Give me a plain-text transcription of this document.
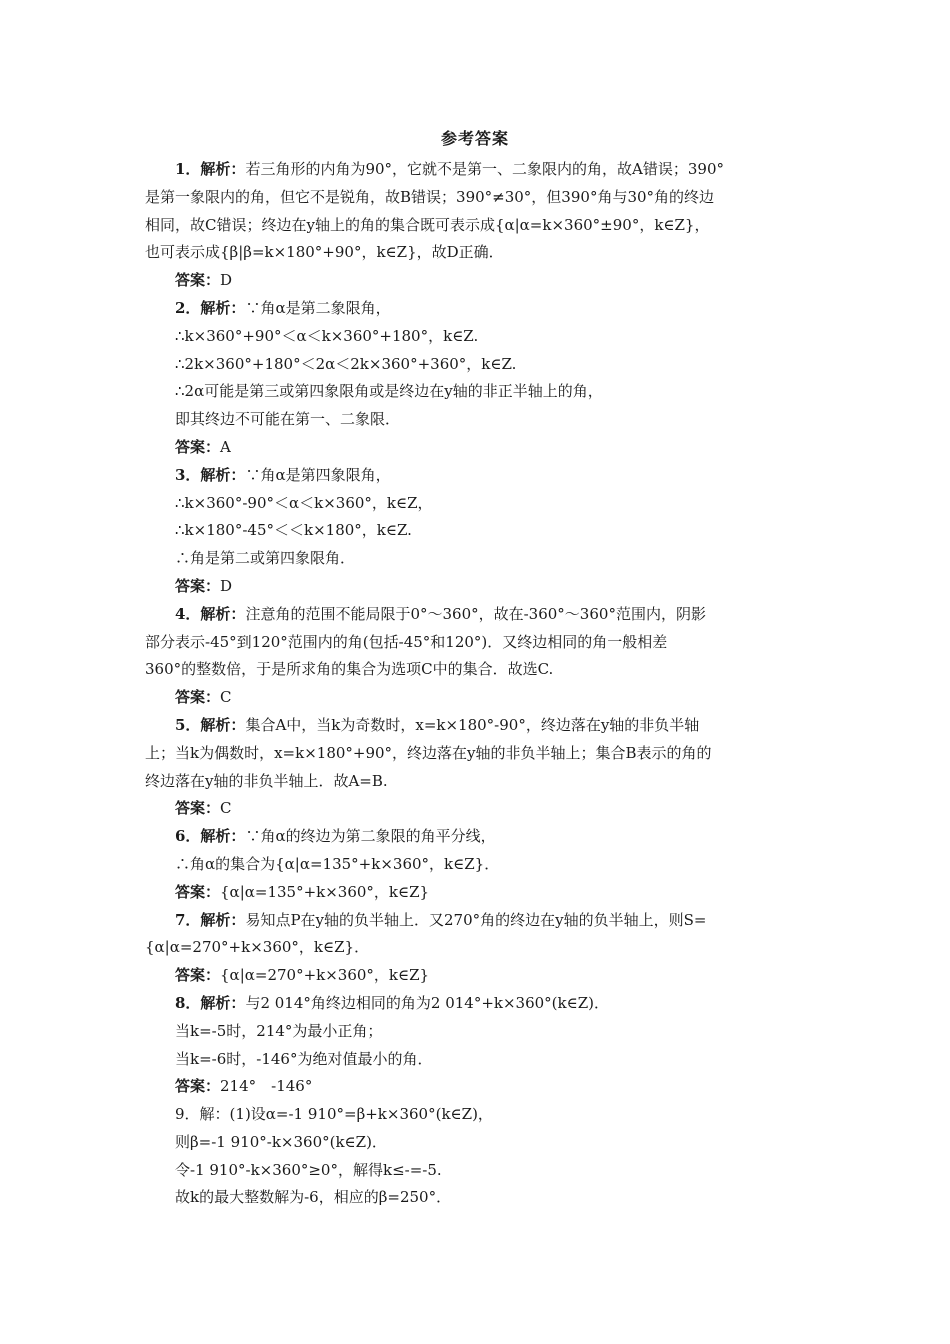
参考答案
1．解析：若三角形的内角为90°，它就不是第一、二象限内的角，故A错误；390°
是第一象限内的角，但它不是锐角，故B错误；390°≠30°，但390°角与30°角的终边
相同，故C错误；终边在y轴上的角的集合既可表示成{α|α=k×360°±90°，k∈Z}，
也可表示成{β|β=k×180°+90°，k∈Z}，故D正确．
答案：D
2．解析：∵角α是第二象限角，
∴k×360°+90°＜α＜k×360°+180°，k∈Z.
∴2k×360°+180°＜2α＜2k×360°+360°，k∈Z.
∴2α可能是第三或第四象限角或是终边在y轴的非正半轴上的角，
即其终边不可能在第一、二象限．
答案：A
3．解析：∵角α是第四象限角，
∴k×360°-90°＜α＜k×360°，k∈Z，
∴k×180°-45°＜＜k×180°，k∈Z.
∴角是第二或第四象限角．
答案：D
4．解析：注意角的范围不能局限于0°～360°，故在-360°～360°范围内，阴影
部分表示-45°到120°范围内的角(包括-45°和120°)．又终边相同的角一般相差
360°的整数倍，于是所求角的集合为选项C中的集合．故选C.
答案：C
5．解析：集合A中，当k为奇数时，x=k×180°-90°，终边落在y轴的非负半轴
上；当k为偶数时，x=k×180°+90°，终边落在y轴的非负半轴上；集合B表示的角的
终边落在y轴的非负半轴上．故A=B.
答案：C
6．解析：∵角α的终边为第二象限的角平分线，
∴角α的集合为{α|α=135°+k×360°，k∈Z}．
答案：{α|α=135°+k×360°，k∈Z}
7．解析：易知点P在y轴的负半轴上．又270°角的终边在y轴的负半轴上，则S=
{α|α=270°+k×360°，k∈Z}．
答案：{α|α=270°+k×360°，k∈Z}
8．解析：与2 014°角终边相同的角为2 014°+k×360°(k∈Z)．
当k=-5时，214°为最小正角；
当k=-6时，-146°为绝对值最小的角．
答案：214°　-146°
9．解：(1)设α=-1 910°=β+k×360°(k∈Z)，
则β=-1 910°-k×360°(k∈Z)．
令-1 910°-k×360°≥0°，解得k≤-=-5.
故k的最大整数解为-6，相应的β=250°．
